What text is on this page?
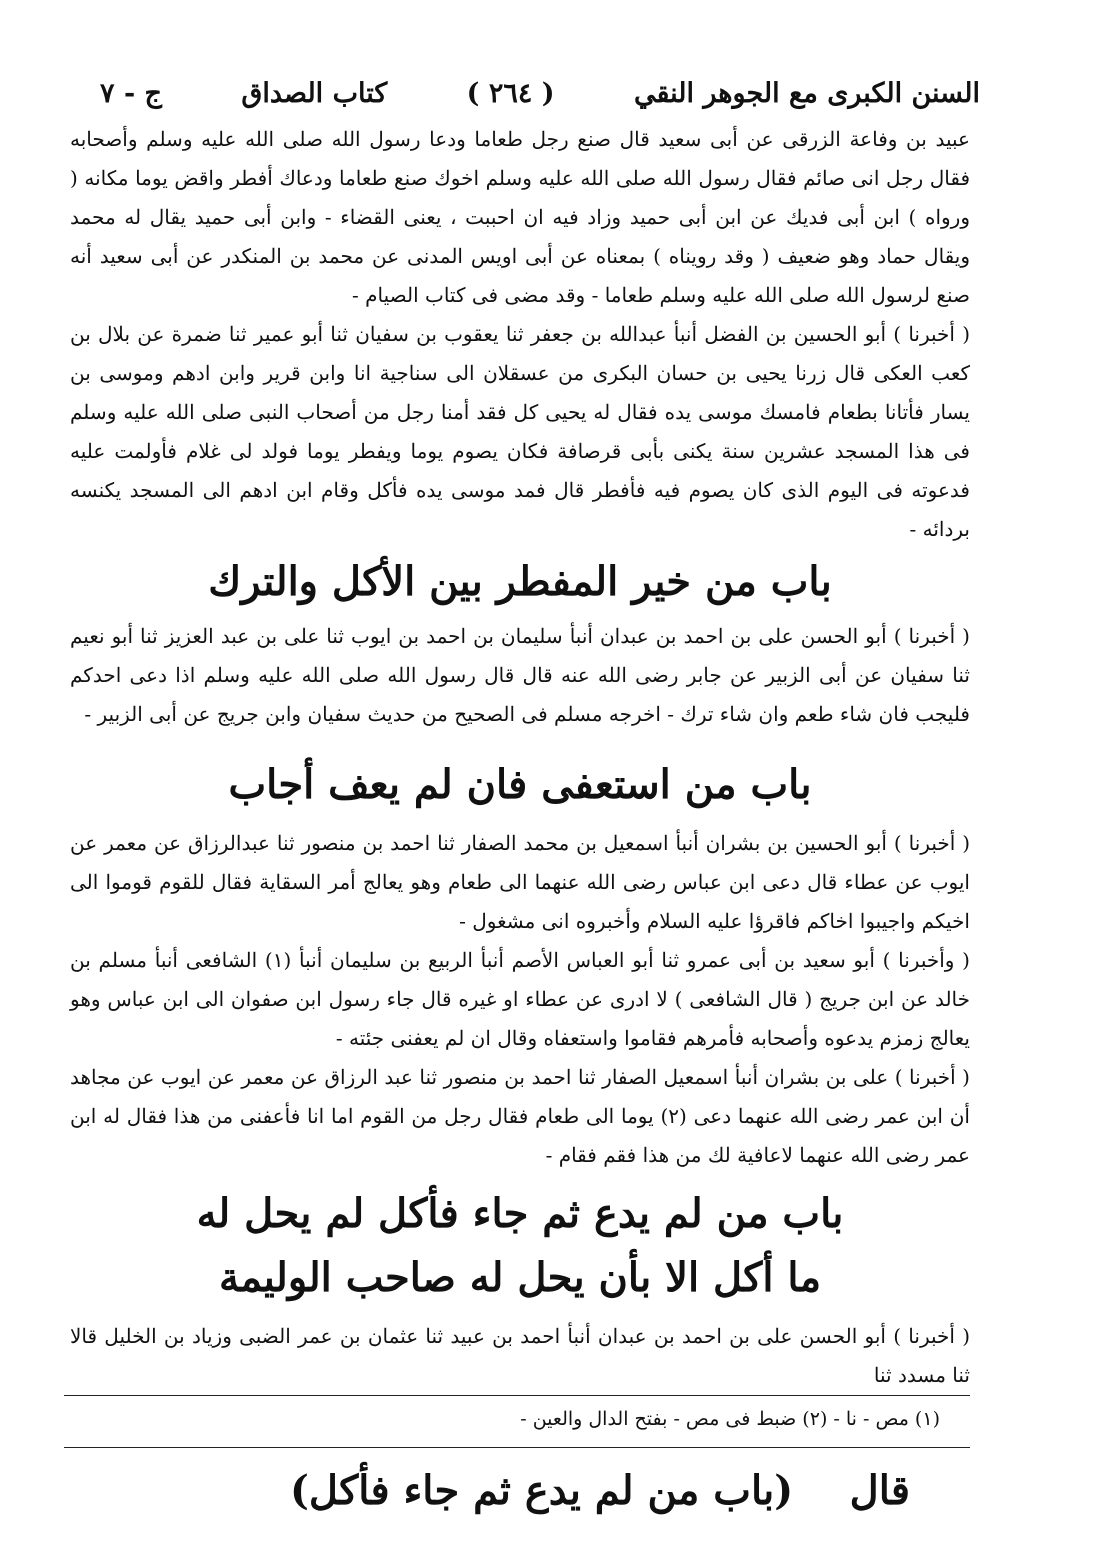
السنن الكبرى مع الجوهر النقي
( ٢٦٤ )
كتاب الصداق
ج - ٧

عبيد بن وفاعة الزرقى عن أبى سعيد قال صنع رجل طعاما ودعا رسول الله صلى الله عليه وسلم وأصحابه فقال رجل انى صائم فقال رسول الله صلى الله عليه وسلم اخوك صنع طعاما ودعاك أفطر واقض يوما مكانه ( ورواه ) ابن أبى فديك عن ابن أبى حميد وزاد فيه ان احببت ، يعنى القضاء - وابن أبى حميد يقال له محمد ويقال حماد وهو ضعيف ( وقد رويناه ) بمعناه عن أبى اويس المدنى عن محمد بن المنكدر عن أبى سعيد أنه صنع لرسول الله صلى الله عليه وسلم طعاما - وقد مضى فى كتاب الصيام -

( أخبرنا ) أبو الحسين بن الفضل أنبأ عبدالله بن جعفر ثنا يعقوب بن سفيان ثنا أبو عمير ثنا ضمرة عن بلال بن كعب العكى قال زرنا يحيى بن حسان البكرى من عسقلان الى سناجية انا وابن قرير وابن ادهم وموسى بن يسار فأتانا بطعام فامسك موسى يده فقال له يحيى كل فقد أمنا رجل من أصحاب النبى صلى الله عليه وسلم فى هذا المسجد عشرين سنة يكنى بأبى قرصافة فكان يصوم يوما ويفطر يوما فولد لى غلام فأولمت عليه فدعوته فى اليوم الذى كان يصوم فيه فأفطر قال فمد موسى يده فأكل وقام ابن ادهم الى المسجد يكنسه بردائه -

باب من خير المفطر بين الأكل والترك

( أخبرنا ) أبو الحسن على بن احمد بن عبدان أنبأ سليمان بن احمد بن ايوب ثنا على بن عبد العزيز ثنا أبو نعيم ثنا سفيان عن أبى الزبير عن جابر رضى الله عنه قال قال رسول الله صلى الله عليه وسلم اذا دعى احدكم فليجب فان شاء طعم وان شاء ترك - اخرجه مسلم فى الصحيح من حديث سفيان وابن جريج عن أبى الزبير -

باب من استعفى فان لم يعف أجاب

( أخبرنا ) أبو الحسين بن بشران أنبأ اسمعيل بن محمد الصفار ثنا احمد بن منصور ثنا عبدالرزاق عن معمر عن ايوب عن عطاء قال دعى ابن عباس رضى الله عنهما الى طعام وهو يعالج أمر السقاية فقال للقوم قوموا الى اخيكم واجيبوا اخاكم فاقرؤا عليه السلام وأخبروه انى مشغول -

( وأخبرنا ) أبو سعيد بن أبى عمرو ثنا أبو العباس الأصم أنبأ الربيع بن سليمان أنبأ (١) الشافعى أنبأ مسلم بن خالد عن ابن جريج ( قال الشافعى ) لا ادرى عن عطاء او غيره قال جاء رسول ابن صفوان الى ابن عباس وهو يعالج زمزم يدعوه وأصحابه فأمرهم فقاموا واستعفاه وقال ان لم يعفنى جئته -

( أخبرنا ) على بن بشران أنبأ اسمعيل الصفار ثنا احمد بن منصور ثنا عبد الرزاق عن معمر عن ايوب عن مجاهد أن ابن عمر رضى الله عنهما دعى (٢) يوما الى طعام فقال رجل من القوم اما انا فأعفنى من هذا فقال له ابن عمر رضى الله عنهما لاعافية لك من هذا فقم فقام -

باب من لم يدع ثم جاء فأكل لم يحل له
ما أكل الا بأن يحل له صاحب الوليمة

( أخبرنا ) أبو الحسن على بن احمد بن عبدان أنبأ احمد بن عبيد ثنا عثمان بن عمر الضبى وزياد بن الخليل قالا ثنا مسدد ثنا

(١) مص - نا - (٢) ضبط فى مص - بفتح الدال والعين -
قال
(باب من لم يدع ثم جاء فأكل)
